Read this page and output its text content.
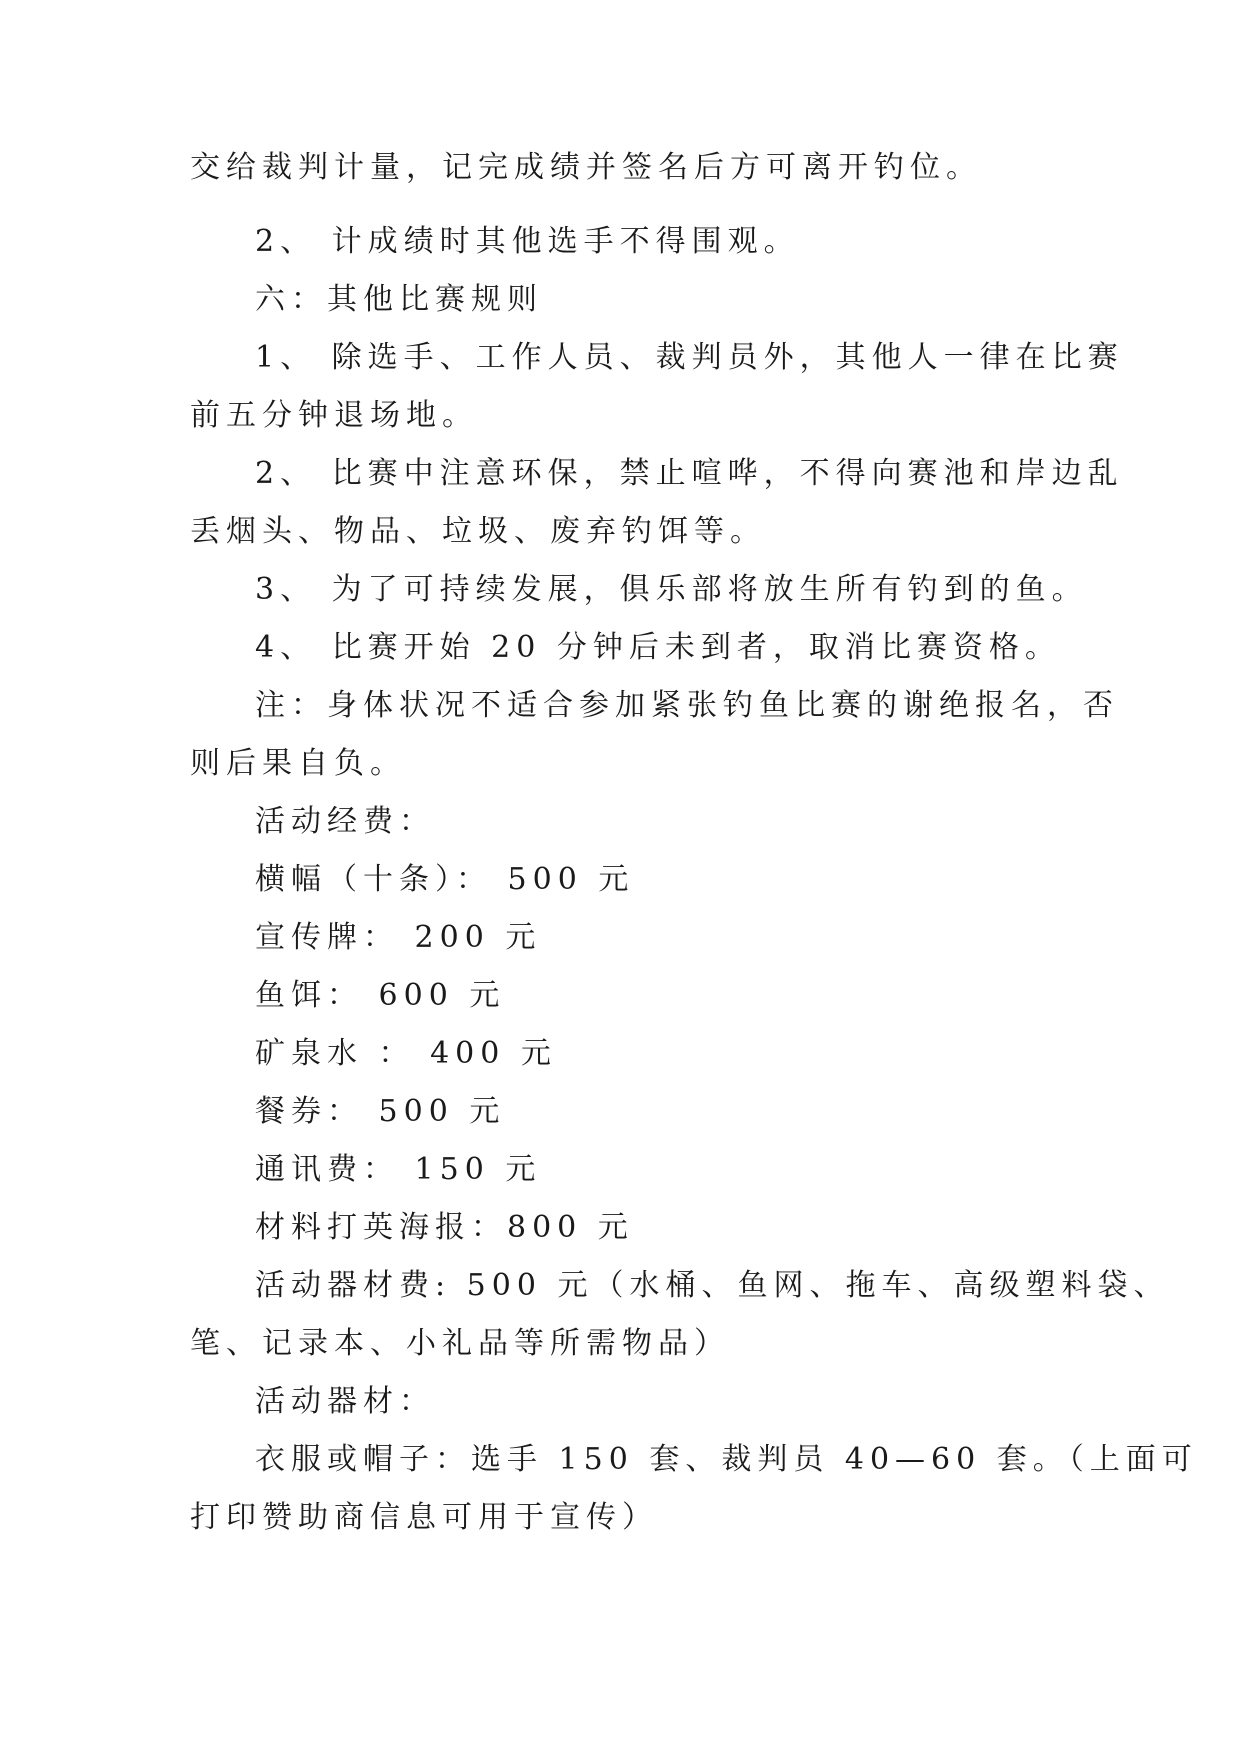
交给裁判计量，记完成绩并签名后方可离开钓位。
2、 计成绩时其他选手不得围观。
六：其他比赛规则
1、 除选手、工作人员、裁判员外，其他人一律在比赛
前五分钟退场地。
2、 比赛中注意环保，禁止喧哗，不得向赛池和岸边乱
丢烟头、物品、垃圾、废弃钓饵等。
3、 为了可持续发展，俱乐部将放生所有钓到的鱼。
4、 比赛开始 20 分钟后未到者，取消比赛资格。
注：身体状况不适合参加紧张钓鱼比赛的谢绝报名，否
则后果自负。
活动经费：
横幅（十条）： 500 元
宣传牌： 200 元
鱼饵： 600 元
矿泉水 ： 400 元
餐券： 500 元
通讯费： 150 元
材料打英海报：800 元
活动器材费: 500 元（水桶、鱼网、拖车、高级塑料袋、
笔、记录本、小礼品等所需物品）
活动器材：
衣服或帽子：选手 150 套、裁判员 40—60 套。（上面可
打印赞助商信息可用于宣传）
